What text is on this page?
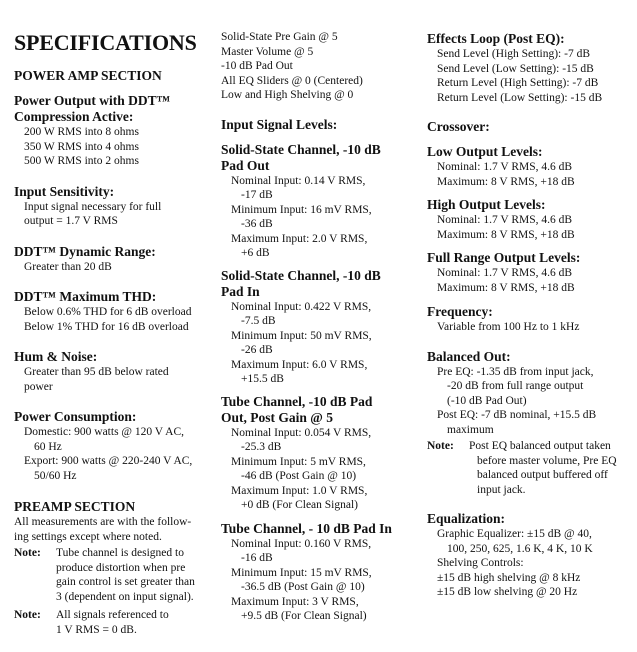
SPECIFICATIONS
POWER AMP SECTION
Power Output with DDT™
Compression Active:
200 W RMS into 8 ohms
350 W RMS into 4 ohms
500 W RMS into 2 ohms
Input Sensitivity:
Input signal necessary for full
output = 1.7 V RMS
DDT™ Dynamic Range:
Greater than 20 dB
DDT™ Maximum THD:
Below 0.6% THD for 6 dB overload
Below 1% THD for 16 dB overload
Hum & Noise:
Greater than 95 dB below rated
power
Power Consumption:
Domestic: 900 watts @ 120 V AC,
60 Hz
Export: 900 watts @ 220-240 V AC,
50/60 Hz
PREAMP SECTION
All measurements are with the follow-
ing settings except where noted.
Note:	Tube channel is designed to
produce distortion when pre
gain control is set greater than
3 (dependent on input signal).
Note:	All signals referenced to
1 V RMS = 0 dB.
Solid-State Pre Gain @ 5
Master Volume @ 5
-10 dB Pad Out
All EQ Sliders @ 0 (Centered)
Low and High Shelving @ 0
Input Signal Levels:
Solid-State Channel, -10 dB
Pad Out
Nominal Input: 0.14 V RMS,
-17 dB
Minimum Input: 16 mV RMS,
-36 dB
Maximum Input: 2.0 V RMS,
+6 dB
Solid-State Channel, -10 dB
Pad In
Nominal Input: 0.422 V RMS,
-7.5 dB
Minimum Input: 50 mV RMS,
-26 dB
Maximum Input: 6.0 V RMS,
+15.5 dB
Tube Channel, -10 dB Pad
Out, Post Gain @ 5
Nominal Input: 0.054 V RMS,
-25.3 dB
Minimum Input: 5 mV RMS,
-46 dB (Post Gain @ 10)
Maximum Input: 1.0 V RMS,
+0 dB (For Clean Signal)
Tube Channel, - 10 dB Pad In
Nominal Input: 0.160 V RMS,
-16 dB
Minimum Input: 15 mV RMS,
-36.5 dB (Post Gain @ 10)
Maximum Input: 3 V RMS,
+9.5 dB (For Clean Signal)
Effects Loop (Post EQ):
Send Level (High Setting): -7 dB
Send Level (Low Setting): -15 dB
Return Level (High Setting): -7 dB
Return Level (Low Setting): -15 dB
Crossover:
Low Output Levels:
Nominal: 1.7 V RMS, 4.6 dB
Maximum: 8 V RMS, +18 dB
High Output Levels:
Nominal: 1.7 V RMS, 4.6 dB
Maximum: 8 V RMS, +18 dB
Full Range Output Levels:
Nominal: 1.7 V RMS, 4.6 dB
Maximum: 8 V RMS, +18 dB
Frequency:
Variable from 100 Hz to 1 kHz
Balanced Out:
Pre EQ: -1.35 dB from input jack,
-20 dB from full range output
(-10 dB Pad Out)
Post EQ: -7 dB nominal, +15.5 dB
maximum
Note:	Post EQ balanced output taken
before master volume, Pre EQ
balanced output buffered off
input jack.
Equalization:
Graphic Equalizer: ±15 dB @ 40,
100, 250, 625, 1.6 K, 4 K, 10 K
Shelving Controls:
±15 dB high shelving @ 8 kHz
±15 dB low shelving @ 20 Hz
